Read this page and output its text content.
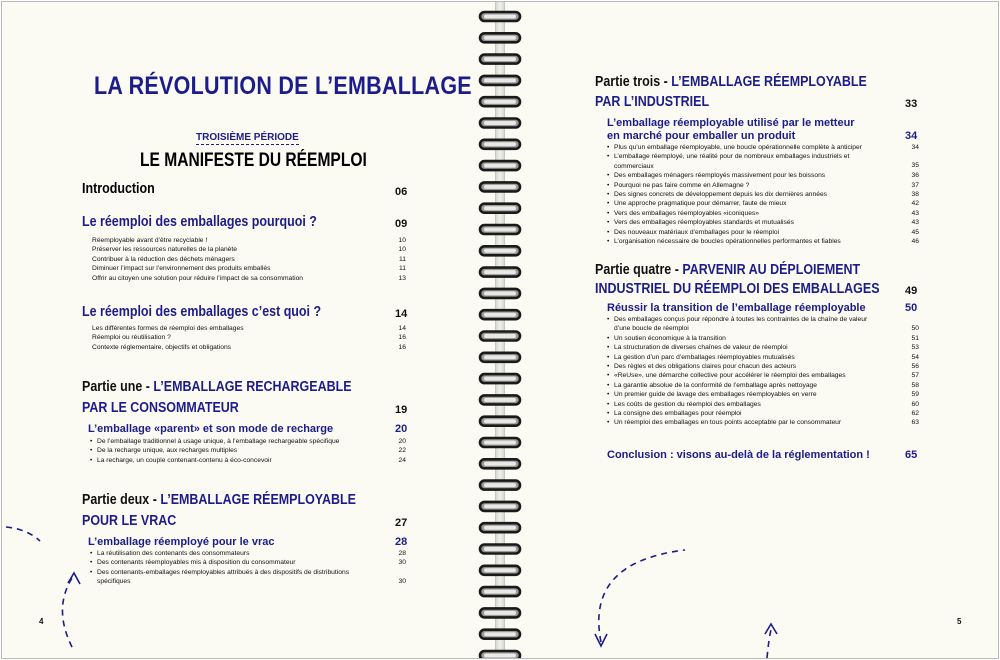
LA RÉVOLUTION DE L’EMBALLAGE
TROISIÈME PÉRIODE
LE MANIFESTE DU RÉEMPLOI
Introduction	06
Le réemploi des emballages pourquoi ?	09
Réemployable avant d’être recyclable !	10
Préserver les ressources naturelles de la planète	10
Contribuer à la réduction des déchets ménagers	11
Diminuer l’impact sur l’environnement des produits emballés	11
Offrir au citoyen une solution pour réduire l’impact de sa consommation	13
Le réemploi des emballages c’est quoi ?	14
Les différentes formes de réemploi des emballages	14
Réemploi ou réutilisation ?	16
Contexte réglementaire, objectifs et obligations	16
Partie une - L’EMBALLAGE RECHARGEABLE
PAR LE CONSOMMATEUR	19
L’emballage «parent» et son mode de recharge	20
• De l’emballage traditionnel à usage unique, à l’emballage rechargeable spécifique	20
• De la recharge unique, aux recharges multiples	22
• La recharge, un couple contenant-contenu à éco-concevoir	24
Partie deux - L’EMBALLAGE RÉEMPLOYABLE
POUR LE VRAC	27
L’emballage réemployé pour le vrac	28
• La réutilisation des contenants des consommateurs	28
• Des contenants réemployables mis à disposition du consommateur	30
• Des contenants-emballages réemployables attribués à des dispositifs de distributions spécifiques	30
4
Partie trois - L’EMBALLAGE RÉEMPLOYABLE
PAR L’INDUSTRIEL	33
L’emballage réemployable utilisé par le metteur
en marché pour emballer un produit	34
• Plus qu’un emballage réemployable, une boucle opérationnelle complète à anticiper	34
• L’emballage réemployé, une réalité pour de nombreux emballages industriels et commerciaux	35
• Des emballages ménagers réemployés massivement pour les boissons	36
• Pourquoi ne pas faire comme en Allemagne ?	37
• Des signes concrets de développement depuis les dix dernières années	38
• Une approche pragmatique pour démarrer, faute de mieux	42
• Vers des emballages réemployables «iconiques»	43
• Vers des emballages réemployables standards et mutualisés	43
• Des nouveaux matériaux d’emballages pour le réemploi	45
• L’organisation nécessaire de boucles opérationnelles performantes et fiables	46
Partie quatre - PARVENIR AU DÉPLOIEMENT
INDUSTRIEL DU RÉEMPLOI DES EMBALLAGES	49
Réussir la transition de l’emballage réemployable	50
• Des emballages conçus pour répondre à toutes les contraintes de la chaîne de valeur d’une boucle de réemploi	50
• Un soutien économique à la transition	51
• La structuration de diverses chaînes de valeur de réemploi	53
• La gestion d’un parc d’emballages réemployables mutualisés	54
• Des règles et des obligations claires pour chacun des acteurs	56
• «ReUse», une démarche collective pour accélérer le réemploi des emballages	57
• La garantie absolue de la conformité de l’emballage après nettoyage	58
• Un premier guide de lavage des emballages réemployables en verre	59
• Les coûts de gestion du réemploi des emballages	60
• La consigne des emballages pour réemploi	62
• Un réemploi des emballages en tous points acceptable par le consommateur	63
Conclusion : visons au-delà de la réglementation !	65
5
